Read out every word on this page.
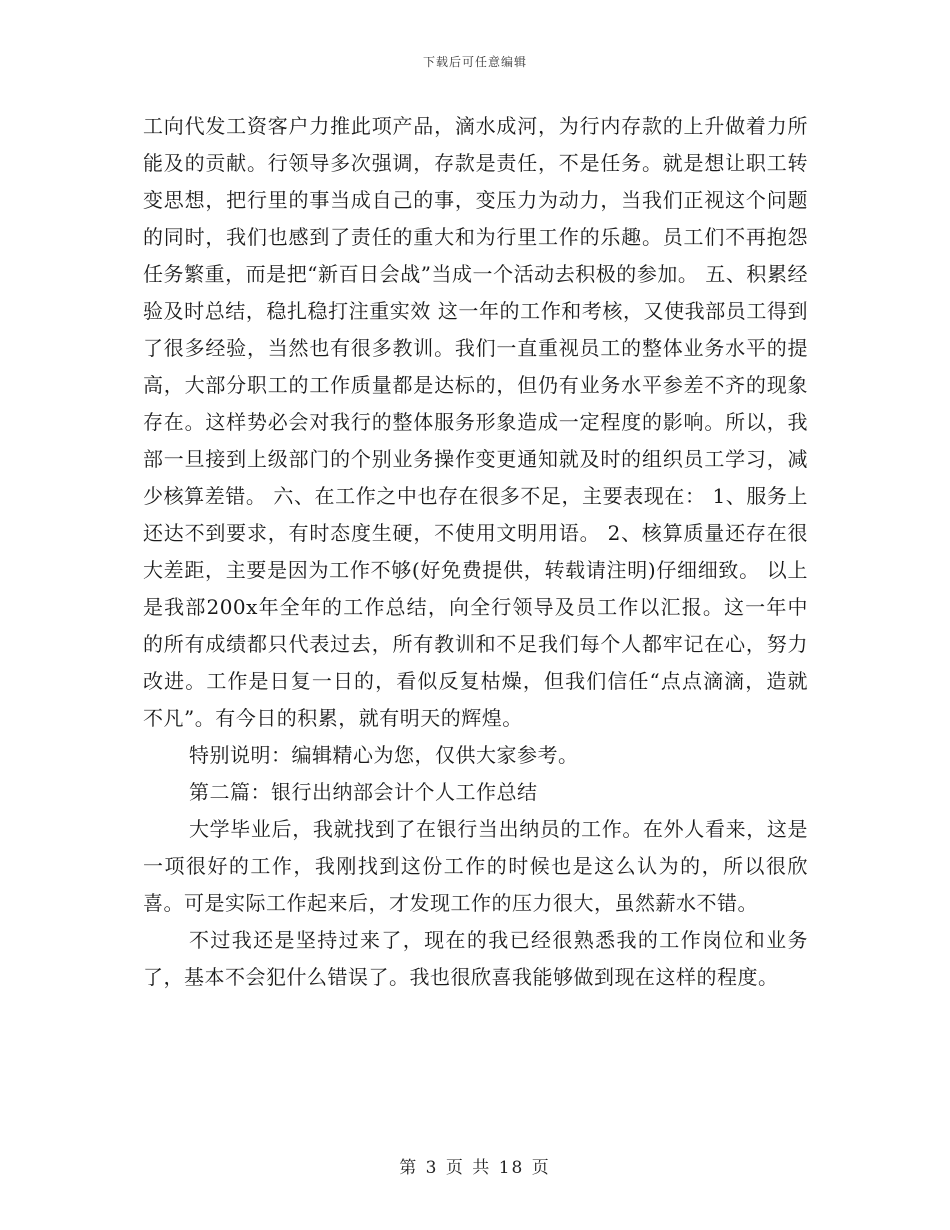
下载后可任意编辑

工向代发工资客户力推此项产品，滴水成河，为行内存款的上升做着力所能及的贡献。行领导多次强调，存款是责任，不是任务。就是想让职工转变思想，把行里的事当成自己的事，变压力为动力，当我们正视这个问题的同时，我们也感到了责任的重大和为行里工作的乐趣。员工们不再抱怨任务繁重，而是把“新百日会战”当成一个活动去积极的参加。 五、积累经验及时总结，稳扎稳打注重实效 这一年的工作和考核，又使我部员工得到了很多经验，当然也有很多教训。我们一直重视员工的整体业务水平的提高，大部分职工的工作质量都是达标的，但仍有业务水平参差不齐的现象存在。这样势必会对我行的整体服务形象造成一定程度的影响。所以，我部一旦接到上级部门的个别业务操作变更通知就及时的组织员工学习，减少核算差错。 六、在工作之中也存在很多不足，主要表现在： 1、服务上还达不到要求，有时态度生硬，不使用文明用语。 2、核算质量还存在很大差距，主要是因为工作不够(好免费提供，转载请注明)仔细细致。 以上是我部200x年全年的工作总结，向全行领导及员工作以汇报。这一年中的所有成绩都只代表过去，所有教训和不足我们每个人都牢记在心，努力改进。工作是日复一日的，看似反复枯燥，但我们信任“点点滴滴，造就不凡”。有今日的积累，就有明天的辉煌。

特别说明：编辑精心为您，仅供大家参考。

第二篇：银行出纳部会计个人工作总结

大学毕业后，我就找到了在银行当出纳员的工作。在外人看来，这是一项很好的工作，我刚找到这份工作的时候也是这么认为的，所以很欣喜。可是实际工作起来后，才发现工作的压力很大，虽然薪水不错。

不过我还是坚持过来了，现在的我已经很熟悉我的工作岗位和业务了，基本不会犯什么错误了。我也很欣喜我能够做到现在这样的程度。

第 3 页 共 18 页
